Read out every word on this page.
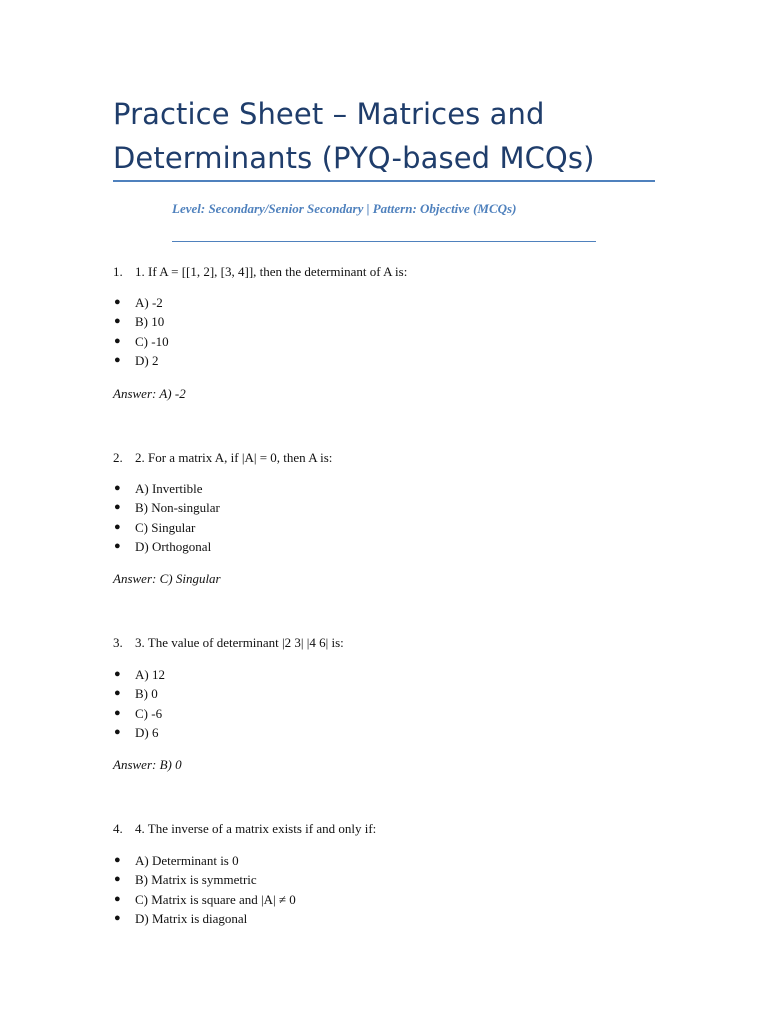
Practice Sheet – Matrices and Determinants (PYQ-based MCQs)
Level: Secondary/Senior Secondary | Pattern: Objective (MCQs)
1. 1. If A = [[1, 2], [3, 4]], then the determinant of A is:
● A) -2
● B) 10
● C) -10
● D) 2
Answer: A) -2
2. 2. For a matrix A, if |A| = 0, then A is:
● A) Invertible
● B) Non-singular
● C) Singular
● D) Orthogonal
Answer: C) Singular
3. 3. The value of determinant |2 3| |4 6| is:
● A) 12
● B) 0
● C) -6
● D) 6
Answer: B) 0
4. 4. The inverse of a matrix exists if and only if:
● A) Determinant is 0
● B) Matrix is symmetric
● C) Matrix is square and |A| ≠ 0
● D) Matrix is diagonal
